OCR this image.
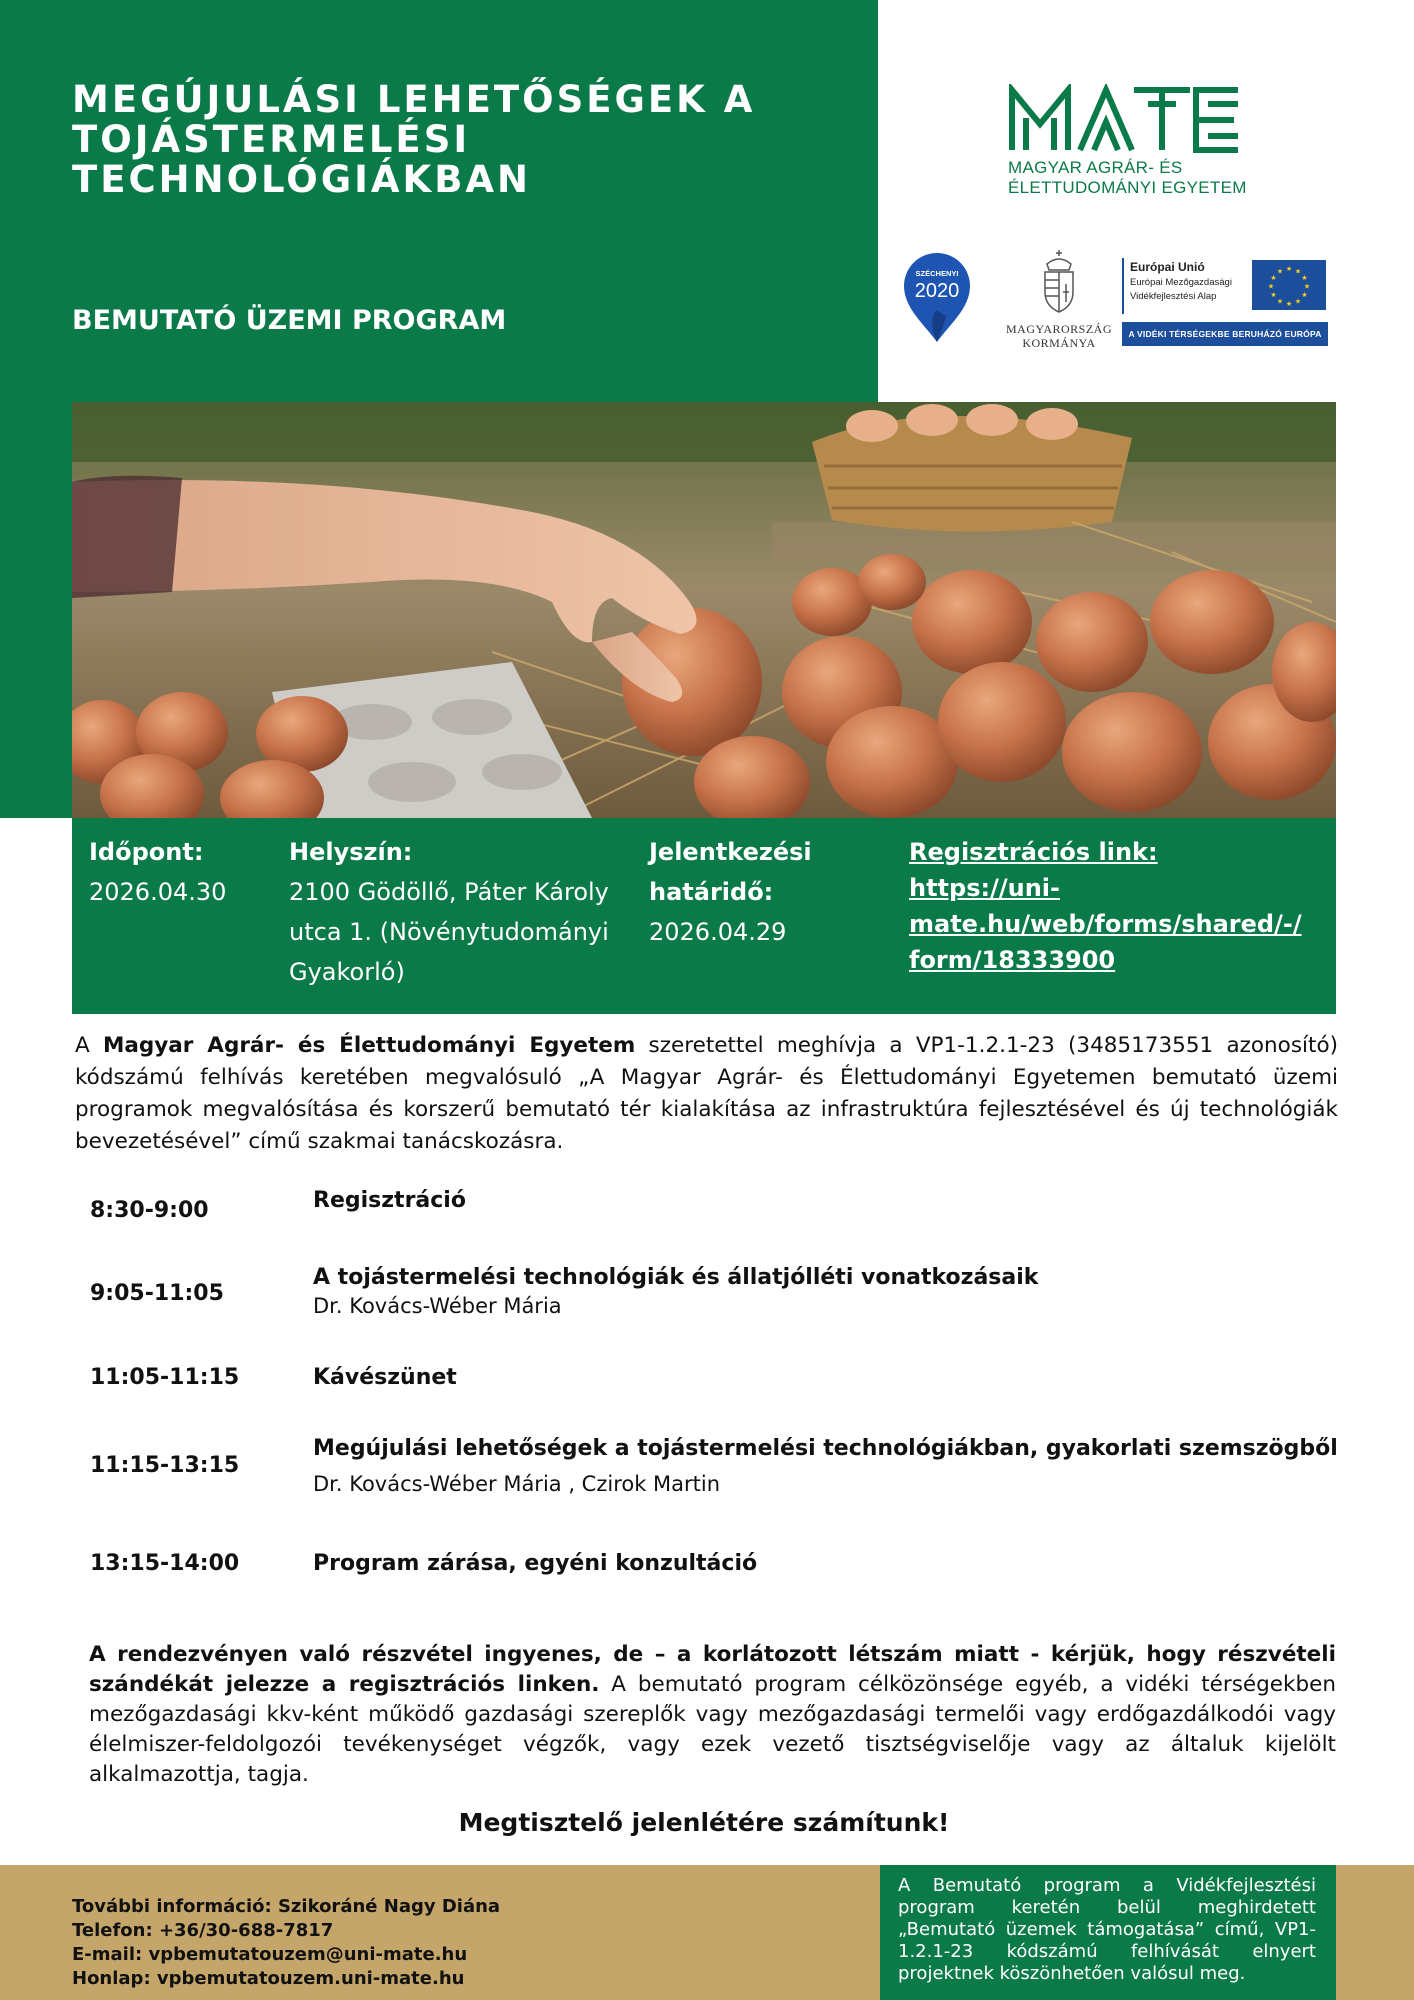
MEGÚJULÁSI LEHETŐSÉGEK A TOJÁSTERMELÉSI TECHNOLÓGIÁKBAN
BEMUTATÓ ÜZEMI PROGRAM
MATE
MAGYAR AGRÁR- ÉS
ÉLETTUDOMÁNYI EGYETEM
SZÉCHENYI
2020
MAGYARORSZÁG
KORMÁNYA
Európai Unió
Európai Mezőgazdasági
Vidékfejlesztési Alap
★ ★
★
★
★
★
★
★
★
★
★
★
A VIDÉKI TÉRSÉGEKBE BERUHÁZÓ EURÓPA
Időpont:
2026.04.30
Helyszín:
2100 Gödöllő, Páter Károly
utca 1. (Növénytudományi
Gyakorló)
Jelentkezési
határidő:
2026.04.29
Regisztrációs link:
https://uni-
mate.hu/web/forms/shared/-/
form/18333900

A Magyar Agrár- és Élettudományi Egyetem szeretettel meghívja a VP1-1.2.1-23 (3485173551 azonosító) kódszámú felhívás keretében megvalósuló „A Magyar Agrár- és Élettudományi Egyetemen bemutató üzemi programok megvalósítása és korszerű bemutató tér kialakítása az infrastruktúra fejlesztésével és új technológiák bevezetésével” című szakmai tanácskozásra.

8:30-9:00	Regisztráció
9:05-11:05
A tojástermelési technológiák és állatjólléti vonatkozásaik
Dr. Kovács-Wéber Mária
11:05-11:15	Kávészünet
11:15-13:15
Megújulási lehetőségek a tojástermelési technológiákban, gyakorlati szemszögből
Dr. Kovács-Wéber Mária , Czirok Martin
13:15-14:00	Program zárása, egyéni konzultáció

A rendezvényen való részvétel ingyenes, de – a korlátozott létszám miatt - kérjük, hogy részvételi szándékát jelezze a regisztrációs linken. A bemutató program célközönsége egyéb, a vidéki térségekben mezőgazdasági kkv-ként működő gazdasági szereplők vagy mezőgazdasági termelői vagy erdőgazdálkodói vagy élelmiszer-feldolgozói tevékenységet végzők, vagy ezek vezető tisztségviselője vagy az általuk kijelölt alkalmazottja, tagja.

Megtisztelő jelenlétére számítunk!
További információ: Szikoráné Nagy Diána
Telefon: +36/30-688-7817
E-mail: vpbemutatouzem@uni-mate.hu
Honlap: vpbemutatouzem.uni-mate.hu
A Bemutató program a Vidékfejlesztési program keretén belül meghirdetett „Bemutató üzemek támogatása” című, VP1-1.2.1-23 kódszámú felhívását elnyert projektnek köszönhetően valósul meg.
